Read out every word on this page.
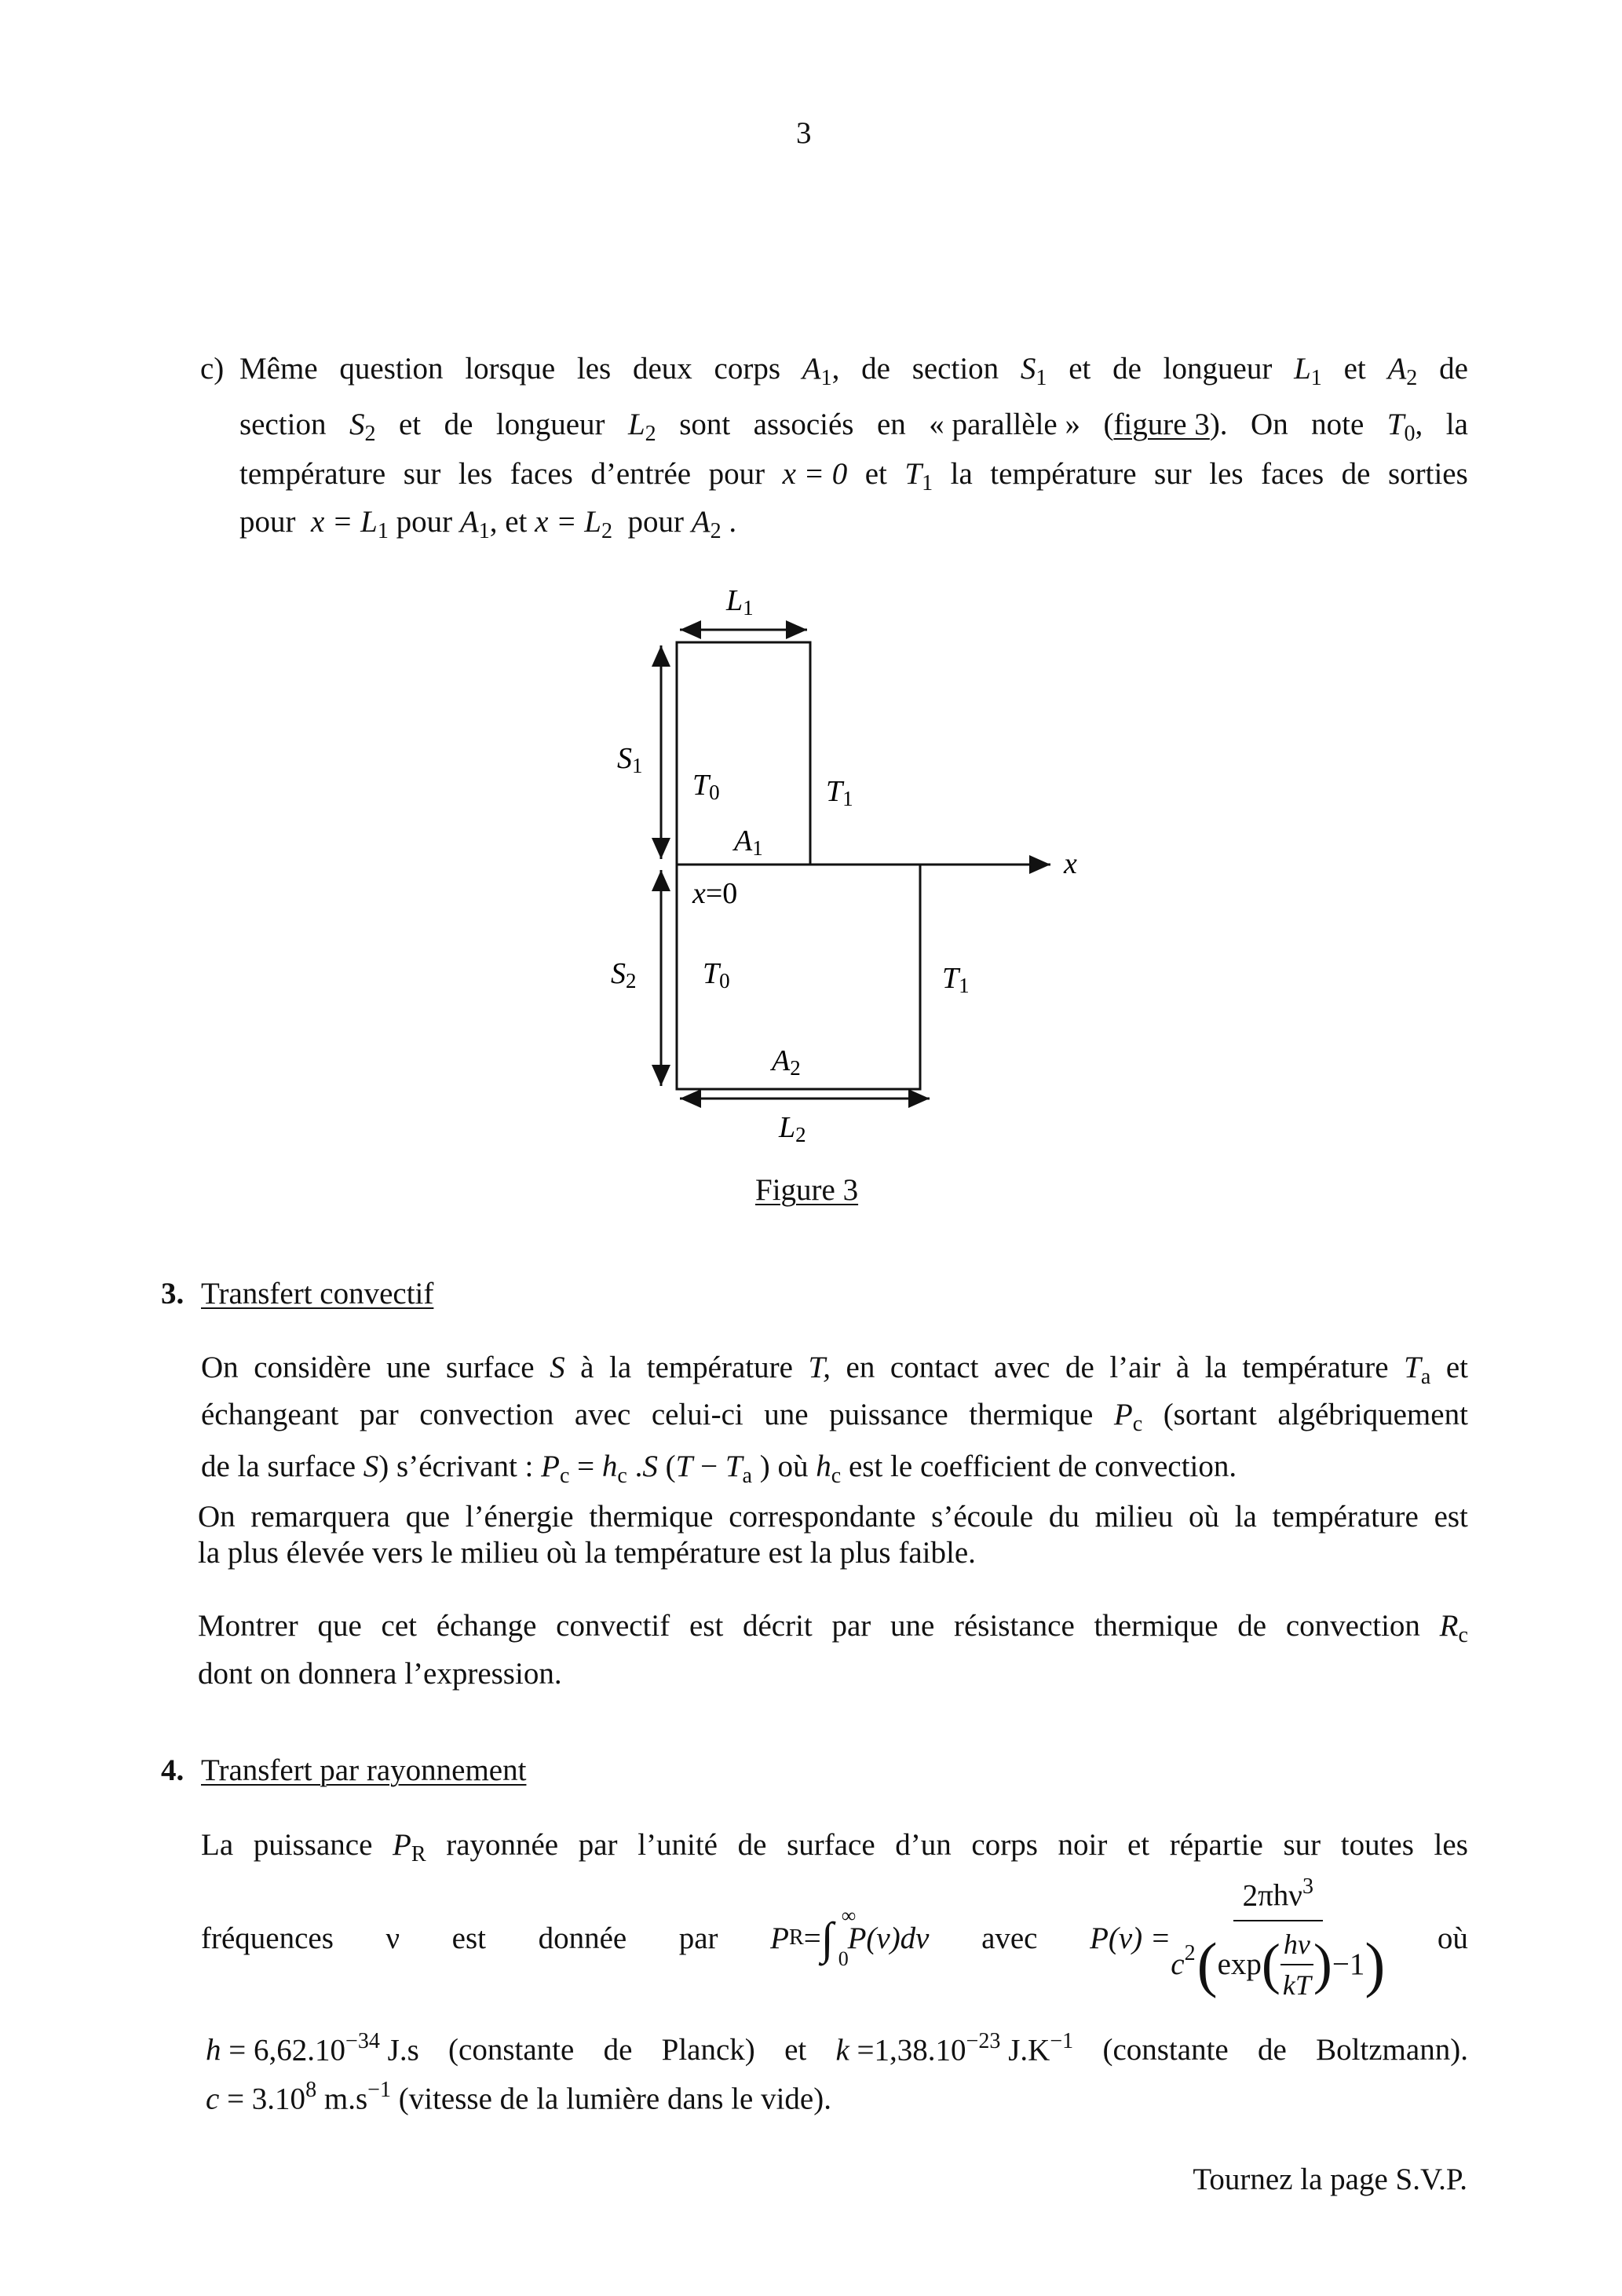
3
c) Même question lorsque les deux corps $A_1$, de section $S_1$ et de longueur $L_1$ et $A_2$ de
section $S_2$ et de longueur $L_2$ sont associés en « parallèle » (figure 3). On note $T_0$, la
température sur les faces d’entrée pour x = 0 et $T_1$ la température sur les faces de sorties
pour $x = L_1$ pour $A_1$, et $x = L_2$ pour $A_2$ .
L1
S1
T0	T1
A1	x
x=0
S2 T0	T1
A2
L2
Figure 3
3. Transfert convectif
On considère une surface S à la température T, en contact avec de l’air à la température $T_a$ et
échangeant par convection avec celui-ci une puissance thermique $P_c$ (sortant algébriquement
de la surface S) s’écrivant : $P_c = h_c$ .S ($T - T_a$ ) où $h_c$ est le coefficient de convection.
On remarquera que l’énergie thermique correspondante s’écoule du milieu où la température est
la plus élevée vers le milieu où la température est la plus faible.
Montrer que cet échange convectif est décrit par une résistance thermique de convection $R_c$
dont on donnera l’expression.
4. Transfert par rayonnement
La puissance $P_R$ rayonnée par l’unité de surface d’un corps noir et répartie sur toutes les
fréquences ν est donnée par P R = ∫ ∞
0
P(ν)dν avec P(ν) =
2πhν$^3$
c 2 ( exp ( $\frac{h\nu}{kT}$ ) −1 ) où
$h = 6,62.10^{-34}$ J.s (constante de Planck) et $k =1,38.10^{-23}$ $J.K^{-1}$ (constante de Boltzmann).
$c = 3.10^8$ $m.s^{-1}$ (vitesse de la lumière dans le vide).
Tournez la page S.V.P.
